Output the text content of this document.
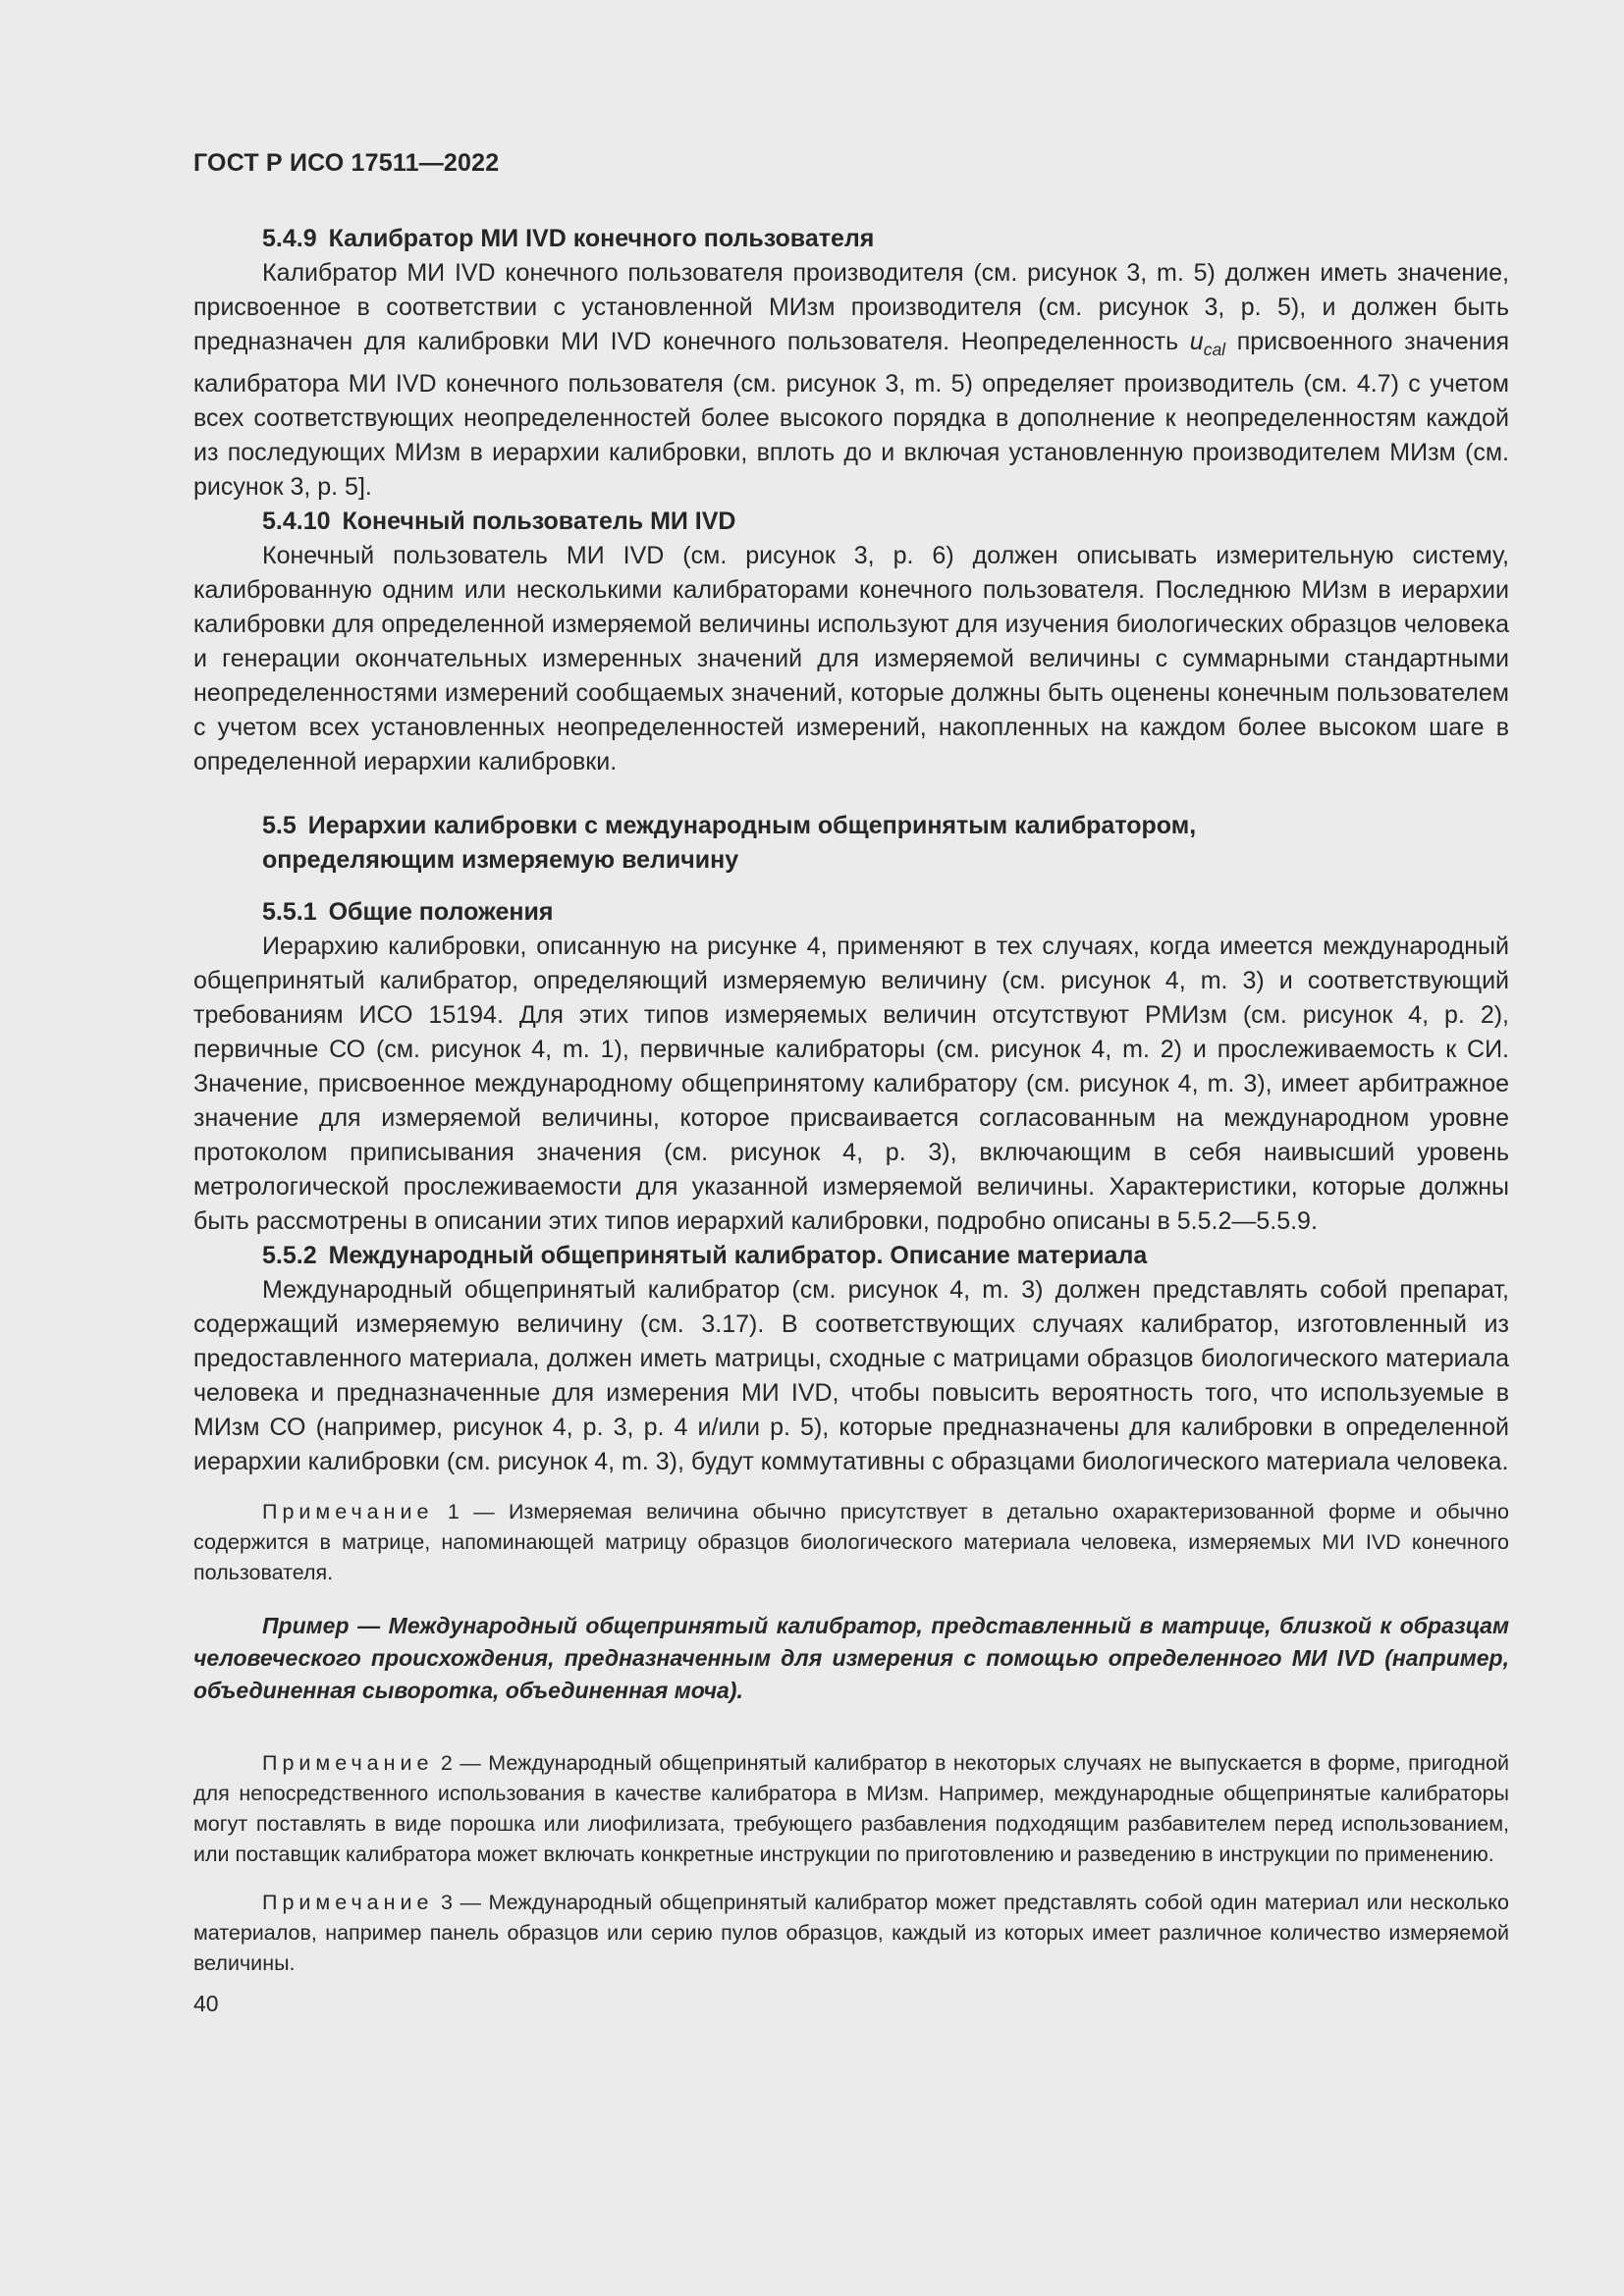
ГОСТ Р ИСО 17511—2022

5.4.9 Калибратор МИ IVD конечного пользователя

Калибратор МИ IVD конечного пользователя производителя (см. рисунок 3, m. 5) должен иметь значение, присвоенное в соответствии с установленной МИзм производителя (см. рисунок 3, р. 5), и должен быть предназначен для калибровки МИ IVD конечного пользователя. Неопределенность $u_{cal}$ присвоенного значения калибратора МИ IVD конечного пользователя (см. рисунок 3, m. 5) определяет производитель (см. 4.7) с учетом всех соответствующих неопределенностей более высокого порядка в дополнение к неопределенностям каждой из последующих МИзм в иерархии калибровки, вплоть до и включая установленную производителем МИзм (см. рисунок 3, р. 5].

5.4.10 Конечный пользователь МИ IVD

Конечный пользователь МИ IVD (см. рисунок 3, р. 6) должен описывать измерительную систему, калиброванную одним или несколькими калибраторами конечного пользователя. Последнюю МИзм в иерархии калибровки для определенной измеряемой величины используют для изучения биологических образцов человека и генерации окончательных измеренных значений для измеряемой величины с суммарными стандартными неопределенностями измерений сообщаемых значений, которые должны быть оценены конечным пользователем с учетом всех установленных неопределенностей измерений, накопленных на каждом более высоком шаге в определенной иерархии калибровки.

5.5 Иерархии калибровки с международным общепринятым калибратором,
определяющим измеряемую величину

5.5.1 Общие положения

Иерархию калибровки, описанную на рисунке 4, применяют в тех случаях, когда имеется международный общепринятый калибратор, определяющий измеряемую величину (см. рисунок 4, m. 3) и соответствующий требованиям ИСО 15194. Для этих типов измеряемых величин отсутствуют РМИзм (см. рисунок 4, р. 2), первичные СО (см. рисунок 4, m. 1), первичные калибраторы (см. рисунок 4, m. 2) и прослеживаемость к СИ. Значение, присвоенное международному общепринятому калибратору (см. рисунок 4, m. 3), имеет арбитражное значение для измеряемой величины, которое присваивается согласованным на международном уровне протоколом приписывания значения (см. рисунок 4, р. 3), включающим в себя наивысший уровень метрологической прослеживаемости для указанной измеряемой величины. Характеристики, которые должны быть рассмотрены в описании этих типов иерархий калибровки, подробно описаны в 5.5.2—5.5.9.

5.5.2 Международный общепринятый калибратор. Описание материала

Международный общепринятый калибратор (см. рисунок 4, m. 3) должен представлять собой препарат, содержащий измеряемую величину (см. 3.17). В соответствующих случаях калибратор, изготовленный из предоставленного материала, должен иметь матрицы, сходные с матрицами образцов биологического материала человека и предназначенные для измерения МИ IVD, чтобы повысить вероятность того, что используемые в МИзм СО (например, рисунок 4, р. 3, р. 4 и/или р. 5), которые предназначены для калибровки в определенной иерархии калибровки (см. рисунок 4, m. 3), будут коммутативны с образцами биологического материала человека.

Примечание 1 — Измеряемая величина обычно присутствует в детально охарактеризованной форме и обычно содержится в матрице, напоминающей матрицу образцов биологического материала человека, измеряемых МИ IVD конечного пользователя.

Пример — Международный общепринятый калибратор, представленный в матрице, близкой к образцам человеческого происхождения, предназначенным для измерения с помощью определенного МИ IVD (например, объединенная сыворотка, объединенная моча).

Примечание 2 — Международный общепринятый калибратор в некоторых случаях не выпускается в форме, пригодной для непосредственного использования в качестве калибратора в МИзм. Например, международные общепринятые калибраторы могут поставлять в виде порошка или лиофилизата, требующего разбавления подходящим разбавителем перед использованием, или поставщик калибратора может включать конкретные инструкции по приготовлению и разведению в инструкции по применению.

Примечание 3 — Международный общепринятый калибратор может представлять собой один материал или несколько материалов, например панель образцов или серию пулов образцов, каждый из которых имеет различное количество измеряемой величины.

40
